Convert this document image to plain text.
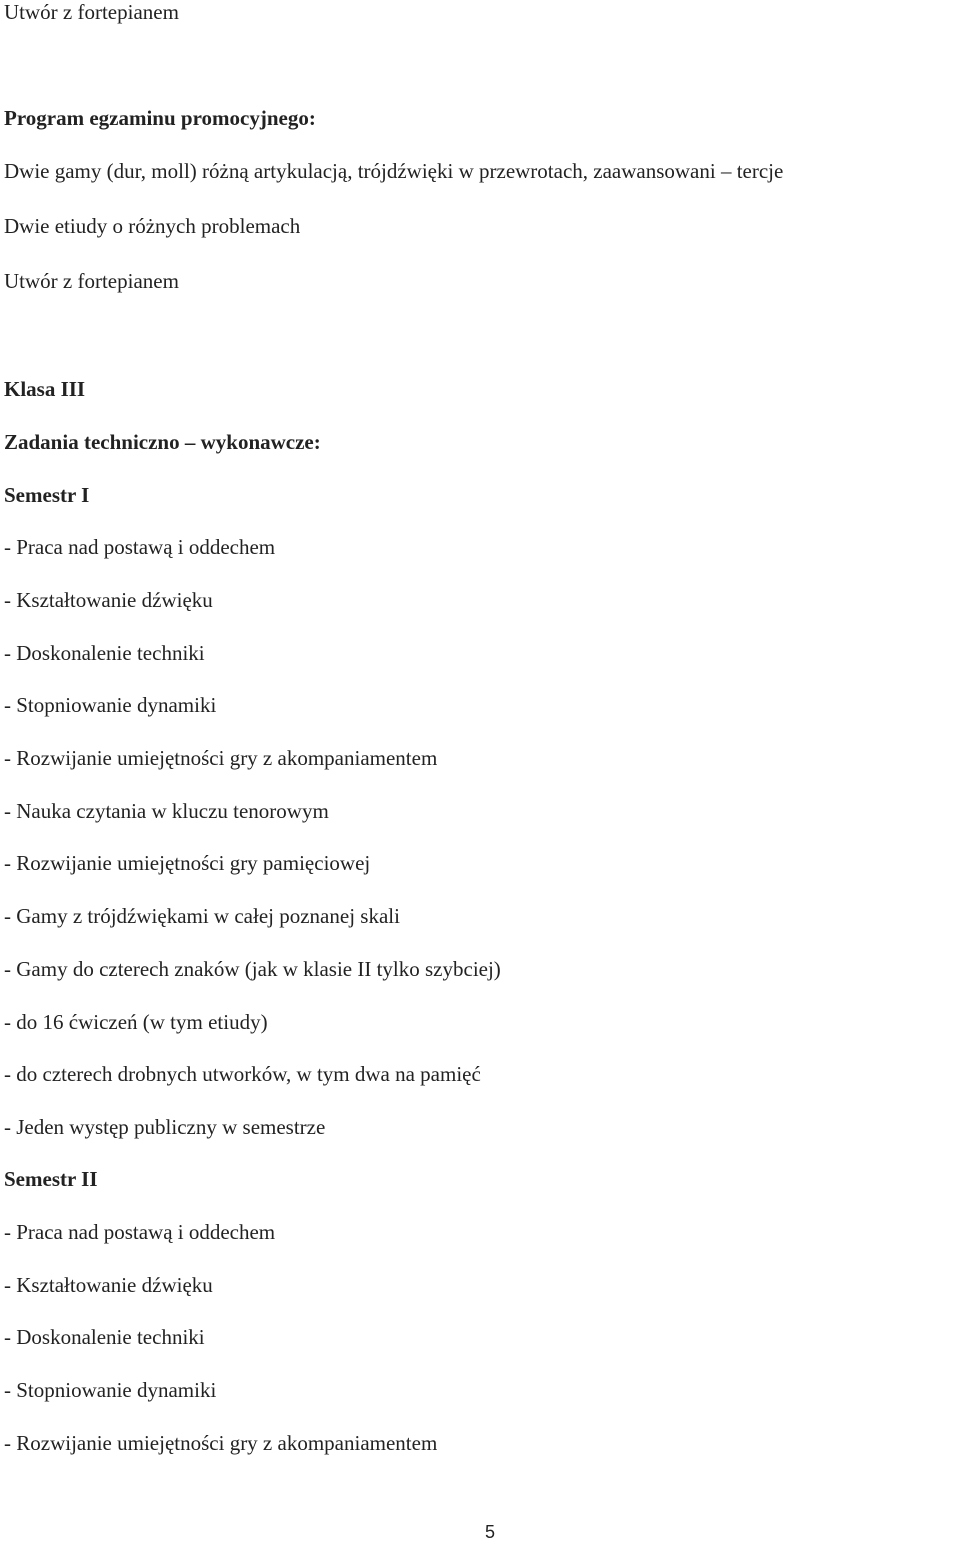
Utwór z fortepianem
Program egzaminu promocyjnego:
Dwie gamy (dur, moll) różną artykulacją, trójdźwięki w przewrotach, zaawansowani – tercje
Dwie etiudy o różnych problemach
Utwór z fortepianem
Klasa III
Zadania techniczno – wykonawcze:
Semestr I
- Praca nad postawą i oddechem
- Kształtowanie dźwięku
- Doskonalenie techniki
- Stopniowanie dynamiki
- Rozwijanie umiejętności gry z akompaniamentem
- Nauka czytania w kluczu tenorowym
- Rozwijanie umiejętności gry pamięciowej
- Gamy z trójdźwiękami w całej poznanej skali
- Gamy do czterech znaków (jak w klasie II tylko szybciej)
- do 16 ćwiczeń (w tym etiudy)
- do czterech drobnych utworków, w tym dwa na pamięć
- Jeden występ publiczny w semestrze
Semestr II
- Praca nad postawą i oddechem
- Kształtowanie dźwięku
- Doskonalenie techniki
- Stopniowanie dynamiki
- Rozwijanie umiejętności gry z akompaniamentem
5
